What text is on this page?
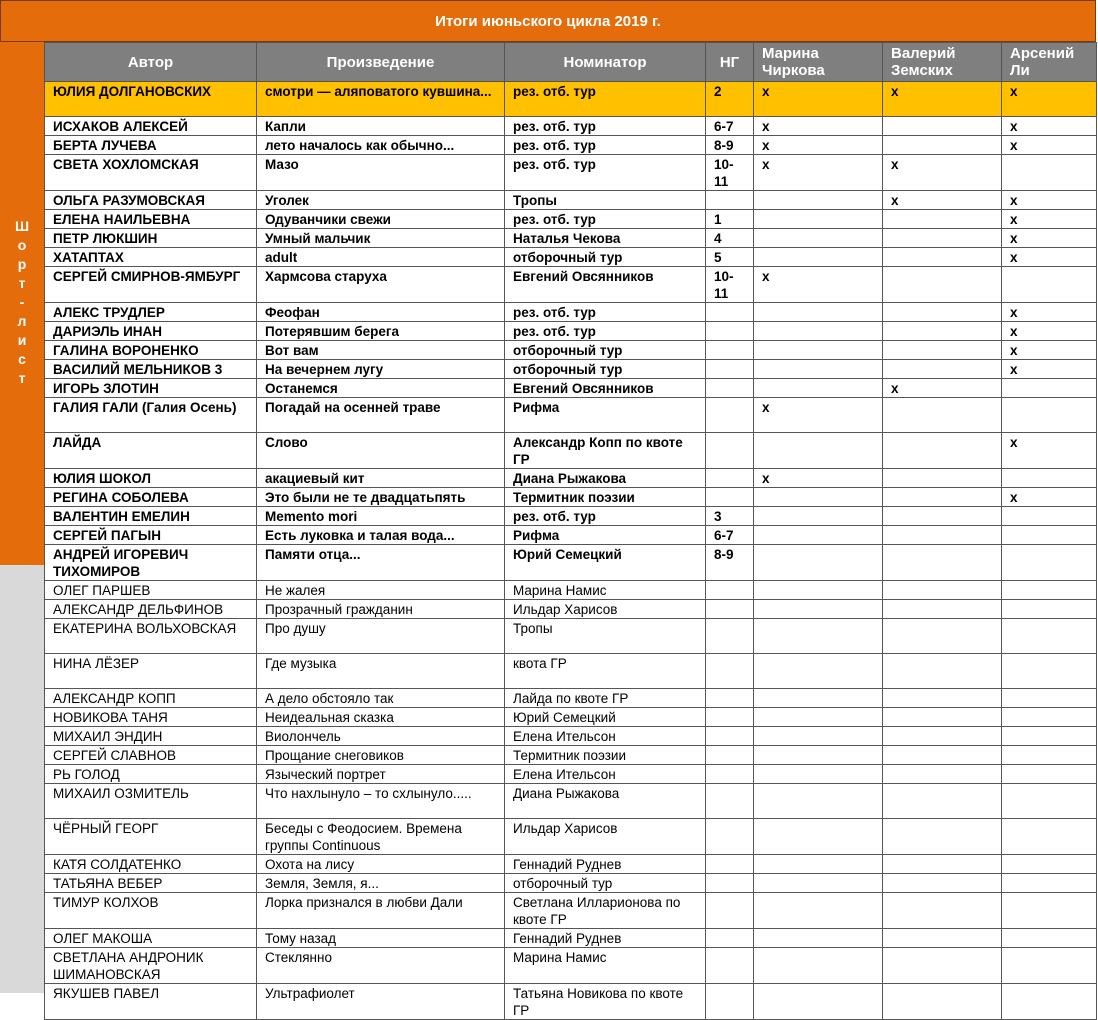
Итоги июньского цикла 2019 г.
Шорт-лист
Автор	Произведение	Номинатор	НГ	Марина Чиркова	Валерий Земских	Арсений Ли
ЮЛИЯ ДОЛГАНОВСКИХ	смотри — аляповатого кувшина...	рез. отб. тур	2	х	х	х
ИСХАКОВ АЛЕКСЕЙ	Капли	рез. отб. тур	6-7	х		х
БЕРТА ЛУЧЕВА	лето началось как обычно...	рез. отб. тур	8-9	х		х
СВЕТА ХОХЛОМСКАЯ	Мазо	рез. отб. тур	10-11	х	х	
ОЛЬГА РАЗУМОВСКАЯ	Уголек	Тропы			х	х
ЕЛЕНА НАИЛЬЕВНА	Одуванчики свежи	рез. отб. тур	1			х
ПЕТР ЛЮКШИН	Умный мальчик	Наталья Чекова	4			х
ХАТАПТАХ	adult	отборочный тур	5			х
СЕРГЕЙ СМИРНОВ-ЯМБУРГ	Хармсова старуха	Евгений Овсянников	10-11	х		
АЛЕКС ТРУДЛЕР	Феофан	рез. отб. тур				х
ДАРИЭЛЬ ИНАН	Потерявшим берега	рез. отб. тур				х
ГАЛИНА ВОРОНЕНКО	Вот вам	отборочный тур				х
ВАСИЛИЙ МЕЛЬНИКОВ 3	На вечернем лугу	отборочный тур				х
ИГОРЬ ЗЛОТИН	Останемся	Евгений Овсянников			х	
ГАЛИЯ ГАЛИ (Галия Осень)	Погадай на осенней траве	Рифма		х		
ЛАЙДА	Слово	Александр Копп по квоте ГР				х
ЮЛИЯ ШОКОЛ	акациевый кит	Диана Рыжакова		х		
РЕГИНА СОБОЛЕВА	Это были не те двадцатьпять	Термитник поэзии				х
ВАЛЕНТИН ЕМЕЛИН	Memento mori	рез. отб. тур	3			
СЕРГЕЙ ПАГЫН	Есть луковка и талая вода...	Рифма	6-7			
АНДРЕЙ ИГОРЕВИЧ ТИХОМИРОВ	Памяти отца...	Юрий Семецкий	8-9			
ОЛЕГ ПАРШЕВ	Не жалея	Марина Намис				
АЛЕКСАНДР ДЕЛЬФИНОВ	Прозрачный гражданин	Ильдар Харисов				
ЕКАТЕРИНА ВОЛЬХОВСКАЯ	Про душу	Тропы				
НИНА ЛЁЗЕР	Где музыка	квота ГР				
АЛЕКСАНДР КОПП	А дело обстояло так	Лайда по квоте ГР				
НОВИКОВА ТАНЯ	Неидеальная сказка	Юрий Семецкий				
МИХАИЛ ЭНДИН	Виолончель	Елена Ительсон				
СЕРГЕЙ СЛАВНОВ	Прощание снеговиков	Термитник поэзии				
РЬ ГОЛОД	Языческий портрет	Елена Ительсон				
МИХАИЛ ОЗМИТЕЛЬ	Что нахлынуло – то схлынуло.....	Диана Рыжакова				
ЧЁРНЫЙ ГЕОРГ	Беседы с Феодосием. Времена группы Continuous	Ильдар Харисов				
КАТЯ СОЛДАТЕНКО	Охота на лису	Геннадий Руднев				
ТАТЬЯНА ВЕБЕР	Земля, Земля, я...	отборочный тур				
ТИМУР КОЛХОВ	Лорка признался в любви Дали	Светлана Илларионова по квоте ГР				
ОЛЕГ МАКОША	Тому назад	Геннадий Руднев				
СВЕТЛАНА АНДРОНИК ШИМАНОВСКАЯ	Стеклянно	Марина Намис				
ЯКУШЕВ ПАВЕЛ	Ультрафиолет	Татьяна Новикова по квоте ГР				
